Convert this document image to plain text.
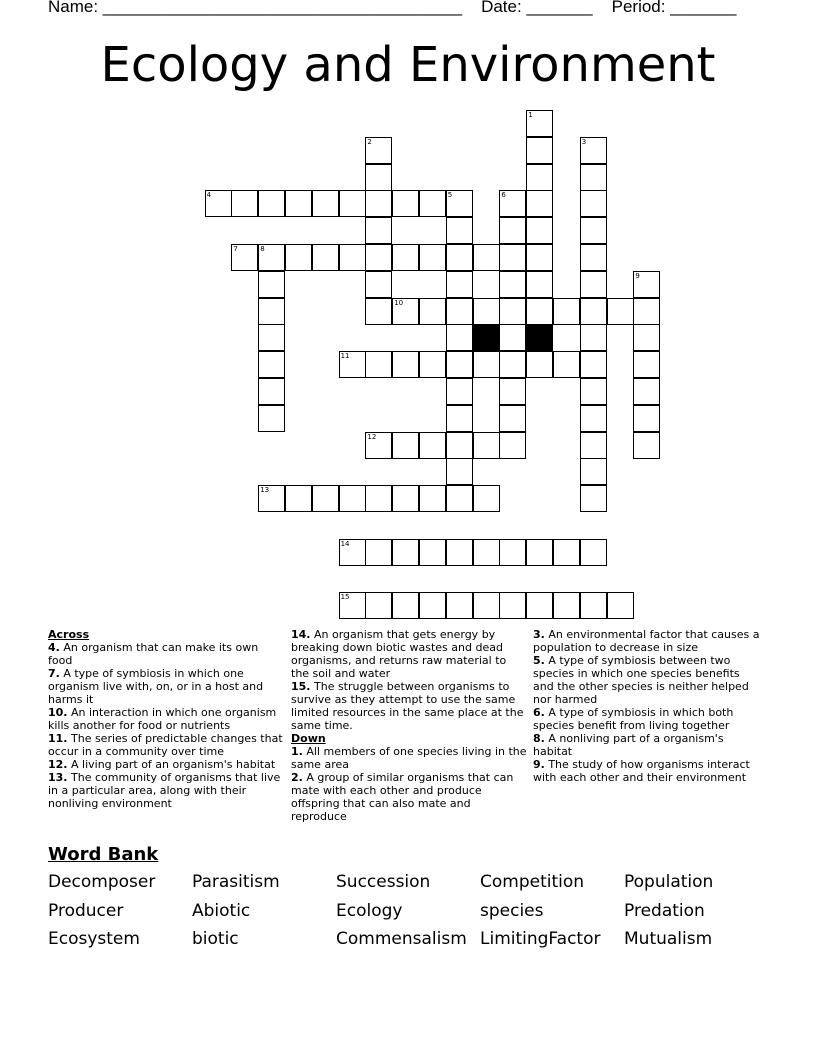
Name: ______________________________________ Date: _______ Period: _______
Ecology and Environment
1
2	3
4	5	6
7	8
9
10
11
12
13
14
15

Across

4. An organism that can make its own food

7. A type of symbiosis in which one organism live with, on, or in a host and harms it

10. An interaction in which one organism kills another for food or nutrients

11. The series of predictable changes that occur in a community over time

12. A living part of an organism's habitat

13. The community of organisms that live in a particular area, along with their nonliving environment

14. An organism that gets energy by breaking down biotic wastes and dead organisms, and returns raw material to the soil and water

15. The struggle between organisms to survive as they attempt to use the same limited resources in the same place at the same time.

Down

1. All members of one species living in the same area

2. A group of similar organisms that can mate with each other and produce offspring that can also mate and reproduce

3. An environmental factor that causes a population to decrease in size

5. A type of symbiosis between two species in which one species benefits and the other species is neither helped nor harmed

6. A type of symbiosis in which both species benefit from living together

8. A nonliving part of a organism's habitat

9. The study of how organisms interact with each other and their environment

Word Bank
Decomposer Parasitism	Succession	Competition Population
Producer	Abiotic	Ecology	species	Predation
Ecosystem	biotic	Commensalism LimitingFactor Mutualism
